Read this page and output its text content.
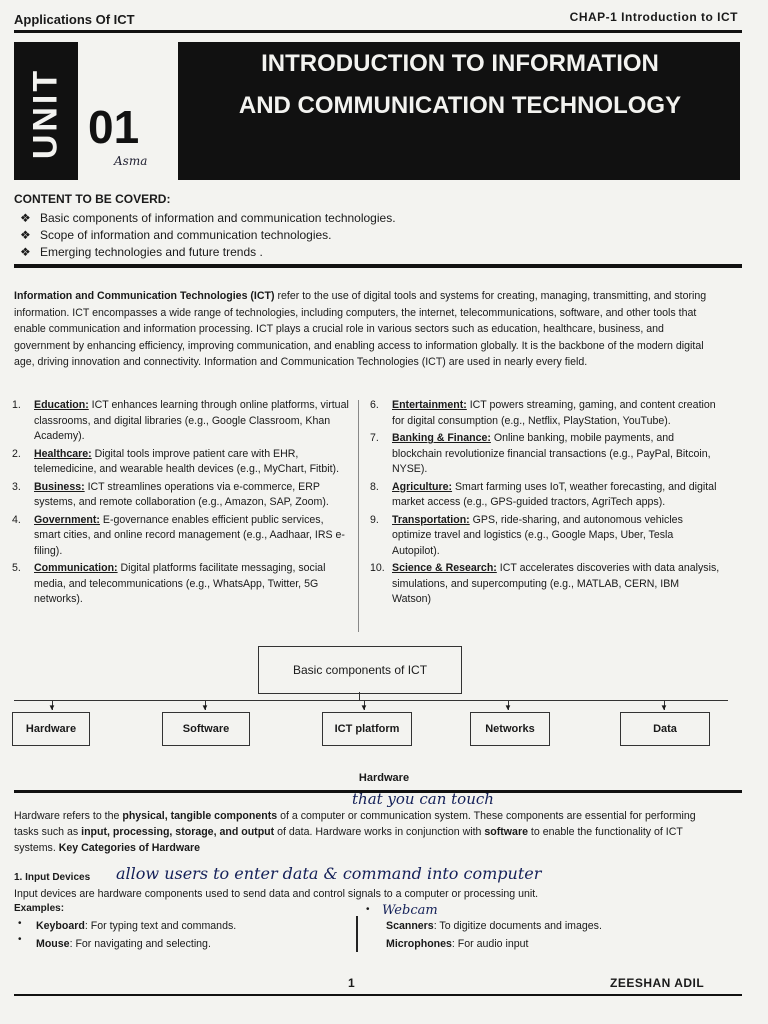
Applications Of ICT	CHAP-1 Introduction to ICT
UNIT 01
Asma
INTRODUCTION TO INFORMATION
AND COMMUNICATION TECHNOLOGY
CONTENT TO BE COVERD:
❖ Basic components of information and communication technologies.
❖ Scope of information and communication technologies.
❖ Emerging technologies and future trends .
Information and Communication Technologies (ICT) refer to the use of digital tools and systems for creating, managing, transmitting, and storing information. ICT encompasses a wide range of technologies, including computers, the internet, telecommunications, software, and other tools that enable communication and information processing. ICT plays a crucial role in various sectors such as education, healthcare, business, and government by enhancing efficiency, improving communication, and enabling access to information globally. It is the backbone of the modern digital age, driving innovation and connectivity. Information and Communication Technologies (ICT) are used in nearly every field.
1.	Education: ICT enhances learning through online platforms, virtual classrooms, and digital libraries (e.g., Google Classroom, Khan Academy).
2.	Healthcare: Digital tools improve patient care with EHR, telemedicine, and wearable health devices (e.g., MyChart, Fitbit).
3.	Business: ICT streamlines operations via e-commerce, ERP systems, and remote collaboration (e.g., Amazon, SAP, Zoom).
4.	Government: E-governance enables efficient public services, smart cities, and online record management (e.g., Aadhaar, IRS e-filing).
5.	Communication: Digital platforms facilitate messaging, social media, and telecommunications (e.g., WhatsApp, Twitter, 5G networks).
6.	Entertainment: ICT powers streaming, gaming, and content creation for digital consumption (e.g., Netflix, PlayStation, YouTube).
7.	Banking & Finance: Online banking, mobile payments, and blockchain revolutionize financial transactions (e.g., PayPal, Bitcoin, NYSE).
8.	Agriculture: Smart farming uses IoT, weather forecasting, and digital market access (e.g., GPS-guided tractors, AgriTech apps).
9.	Transportation: GPS, ride-sharing, and autonomous vehicles optimize travel and logistics (e.g., Google Maps, Uber, Tesla Autopilot).
10. Science & Research: ICT accelerates discoveries with data analysis, simulations, and supercomputing (e.g., MATLAB, CERN, IBM Watson)
Basic components of ICT
▼	▼	▼	▼	▼
Hardware	Software	ICT platform	Networks	Data
Hardware
that you can touch
Hardware refers to the physical, tangible components of a computer or communication system. These components are essential for performing tasks such as input, processing, storage, and output of data. Hardware works in conjunction with software to enable the functionality of ICT systems. Key Categories of Hardware
1. Input Devices allow users to enter data & command into computer
Input devices are hardware components used to send data and control signals to a computer or processing unit.
Examples:	Webcam
• Keyboard: For typing text and commands.
• Mouse: For navigating and selecting.
•
Scanners: To digitize documents and images.
Microphones: For audio input
1	ZEESHAN ADIL
